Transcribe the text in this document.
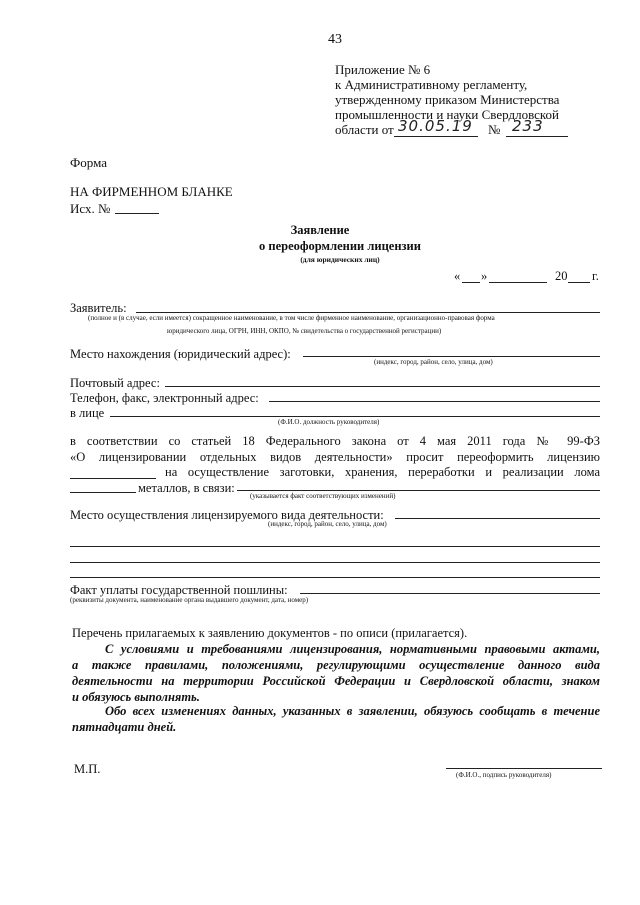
43
Приложение № 6
к Административному регламенту,
утвержденному приказом Министерства
промышленности и науки Свердловской
области от 30.05.19 № 233
Форма
НА ФИРМЕННОМ БЛАНКЕ
Исх. №
Заявление
о переоформлении лицензии
(для юридических лиц)
« »	20 г.
Заявитель:
(полное и (в случае, если имеется) сокращенное наименование, в том числе фирменное наименование, организационно-правовая форма
юридического лица, ОГРН, ИНН, ОКПО, № свидетельства о государственной регистрации)
Место нахождения (юридический адрес):
(индекс, город, район, село, улица, дом)
Почтовый адрес:
Телефон, факс, электронный адрес:
в лице
(Ф.И.О. должность руководителя)
в соответствии со статьей 18 Федерального закона от 4 мая 2011 года № 99-ФЗ
«О лицензировании отдельных видов деятельности» просит переоформить лицензию
на осуществление заготовки, хранения, переработки и реализации лома
металлов, в связи:
(указывается факт соответствующих изменений)
Место осуществления лицензируемого вида деятельности:
(индекс, город, район, село, улица, дом)
Факт уплаты государственной пошлины:
(реквизиты документа, наименование органа выдавшего документ, дата, номер)
Перечень прилагаемых к заявлению документов - по описи (прилагается).
С условиями и требованиями лицензирования, нормативными правовыми актами,
а также правилами, положениями, регулирующими осуществление данного вида
деятельности на территории Российской Федерации и Свердловской области, знаком
и обязуюсь выполнять.
Обо всех изменениях данных, указанных в заявлении, обязуюсь сообщать в течение
пятнадцати дней.
М.П.	(Ф.И.О., подпись руководителя)
